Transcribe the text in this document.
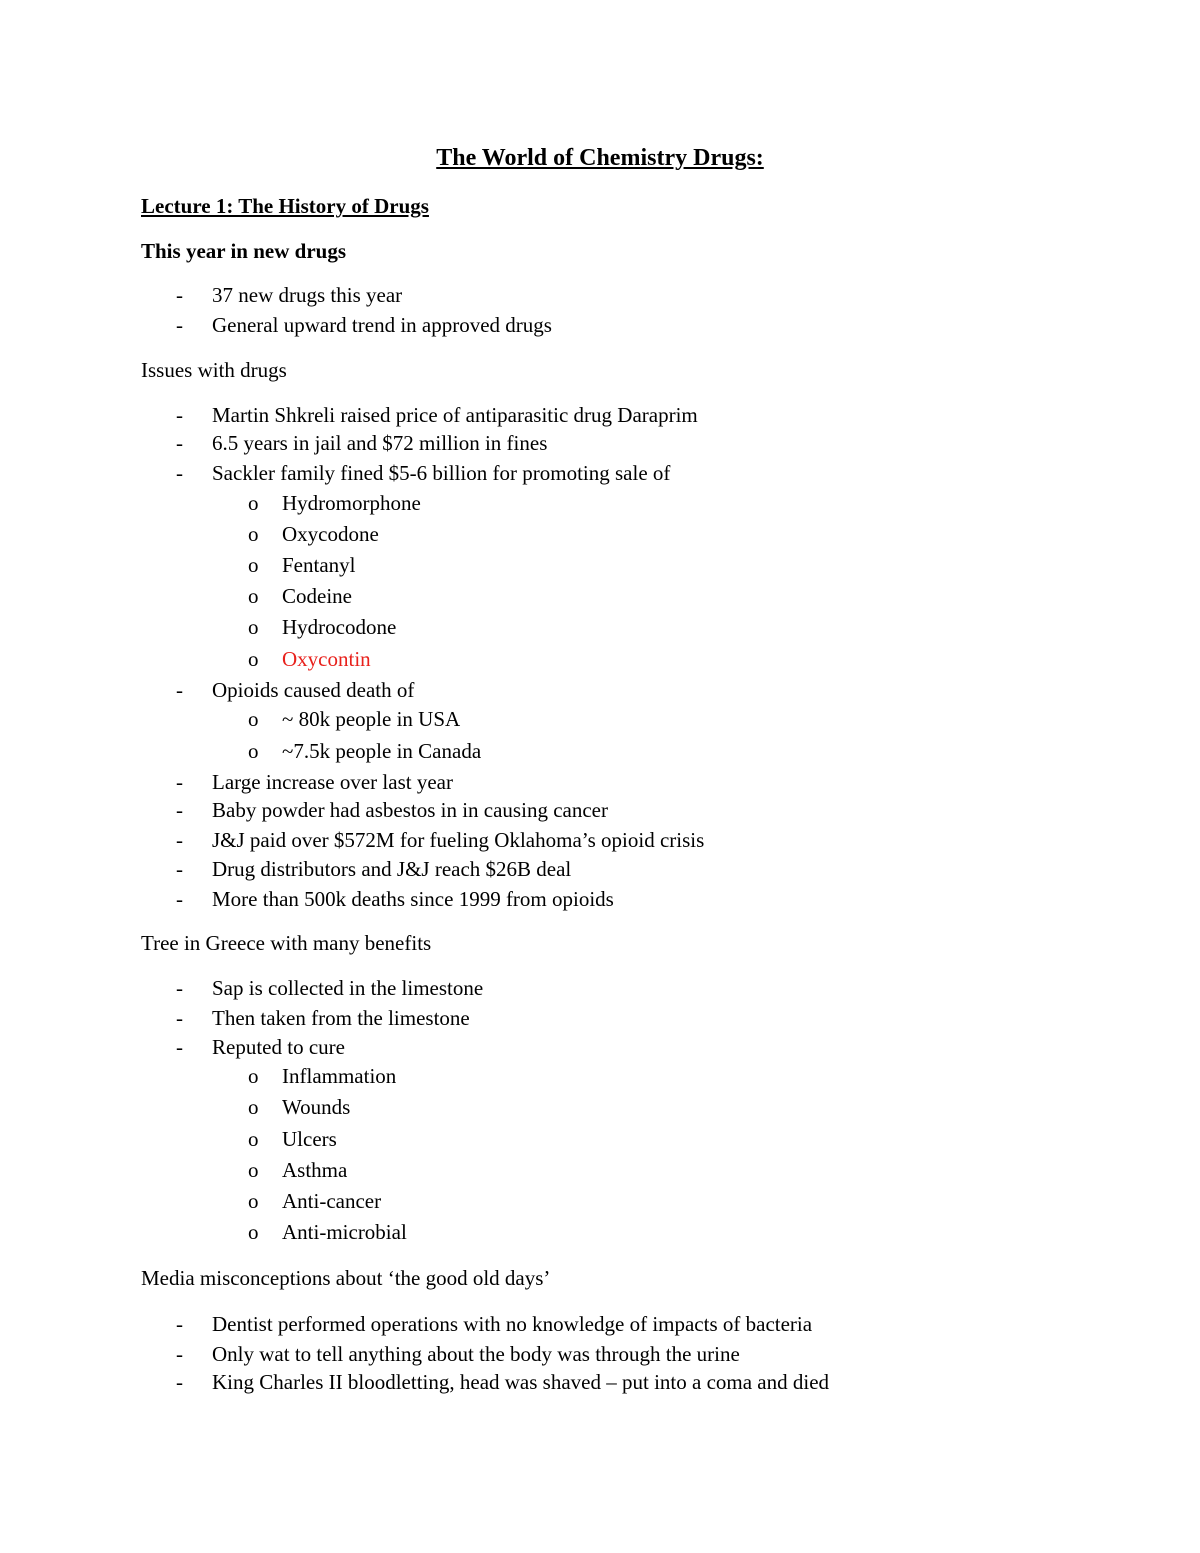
The World of Chemistry Drugs:
Lecture 1: The History of Drugs
This year in new drugs
- 37 new drugs this year
- General upward trend in approved drugs
Issues with drugs
- Martin Shkreli raised price of antiparasitic drug Daraprim
- 6.5 years in jail and $72 million in fines
- Sackler family fined $5-6 billion for promoting sale of
o Hydromorphone
o Oxycodone
o Fentanyl
o Codeine
o Hydrocodone
o Oxycontin
- Opioids caused death of
o ~ 80k people in USA
o ~7.5k people in Canada
- Large increase over last year
- Baby powder had asbestos in in causing cancer
- J&J paid over $572M for fueling Oklahoma’s opioid crisis
- Drug distributors and J&J reach $26B deal
- More than 500k deaths since 1999 from opioids
Tree in Greece with many benefits
- Sap is collected in the limestone
- Then taken from the limestone
- Reputed to cure
o Inflammation
o Wounds
o Ulcers
o Asthma
o Anti-cancer
o Anti-microbial
Media misconceptions about ‘the good old days’
- Dentist performed operations with no knowledge of impacts of bacteria
- Only wat to tell anything about the body was through the urine
- King Charles II bloodletting, head was shaved – put into a coma and died
